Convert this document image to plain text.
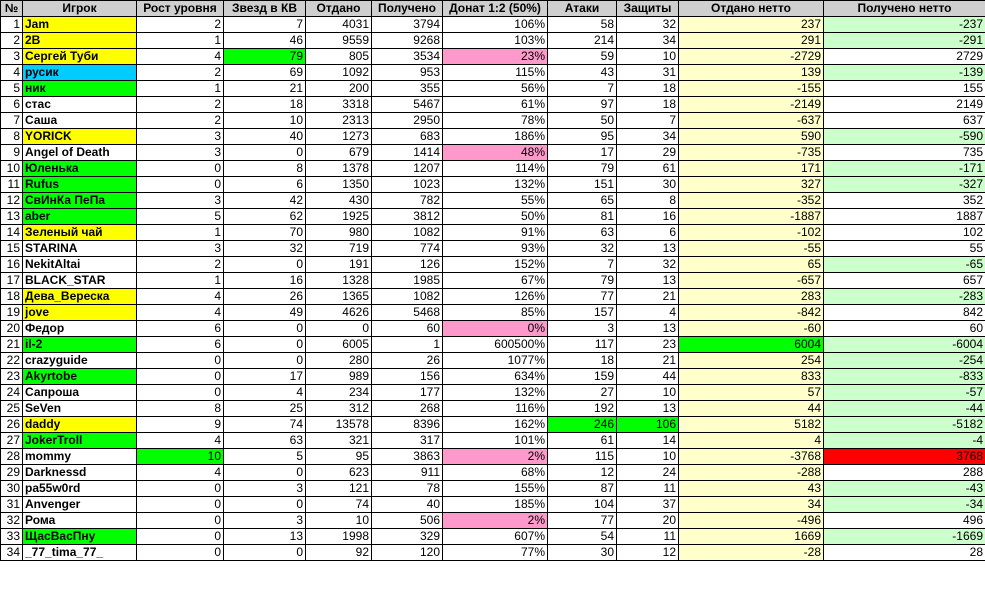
№	Игрок	Рост уровня	Звезд в КВ	Отдано	Получено	Донат 1:2 (50%)	Атаки	Защиты	Отдано нетто	Получено нетто
1	Jam	2	7	4031	3794	106%	58	32	237	-237
2	2B	1	46	9559	9268	103%	214	34	291	-291
3	Сергей Туби	4	79	805	3534	23%	59	10	-2729	2729
4	русик	2	69	1092	953	115%	43	31	139	-139
5	ник	1	21	200	355	56%	7	18	-155	155
6	стас	2	18	3318	5467	61%	97	18	-2149	2149
7	Саша	2	10	2313	2950	78%	50	7	-637	637
8	YORICK	3	40	1273	683	186%	95	34	590	-590
9	Angel of Death	3	0	679	1414	48%	17	29	-735	735
10	Юленька	0	8	1378	1207	114%	79	61	171	-171
11	Rufus	0	6	1350	1023	132%	151	30	327	-327
12	СвИнКа ПеПа	3	42	430	782	55%	65	8	-352	352
13	aber	5	62	1925	3812	50%	81	16	-1887	1887
14	Зеленый чай	1	70	980	1082	91%	63	6	-102	102
15	STARINA	3	32	719	774	93%	32	13	-55	55
16	NekitAltai	2	0	191	126	152%	7	32	65	-65
17	BLACK_STAR	1	16	1328	1985	67%	79	13	-657	657
18	Дева_Вереска	4	26	1365	1082	126%	77	21	283	-283
19	jove	4	49	4626	5468	85%	157	4	-842	842
20	Федор	6	0	0	60	0%	3	13	-60	60
21	il-2	6	0	6005	1	600500%	117	23	6004	-6004
22	crazyguide	0	0	280	26	1077%	18	21	254	-254
23	Akyrtobe	0	17	989	156	634%	159	44	833	-833
24	Сапроша	0	4	234	177	132%	27	10	57	-57
25	SeVen	8	25	312	268	116%	192	13	44	-44
26	daddy	9	74	13578	8396	162%	246	106	5182	-5182
27	JokerTroll	4	63	321	317	101%	61	14	4	-4
28	mommy	10	5	95	3863	2%	115	10	-3768	3768
29	Darknessd	4	0	623	911	68%	12	24	-288	288
30	pa55w0rd	0	3	121	78	155%	87	11	43	-43
31	Anvenger	0	0	74	40	185%	104	37	34	-34
32	Рома	0	3	10	506	2%	77	20	-496	496
33	ЩасВасПну	0	13	1998	329	607%	54	11	1669	-1669
34	_77_tima_77_	0	0	92	120	77%	30	12	-28	28
